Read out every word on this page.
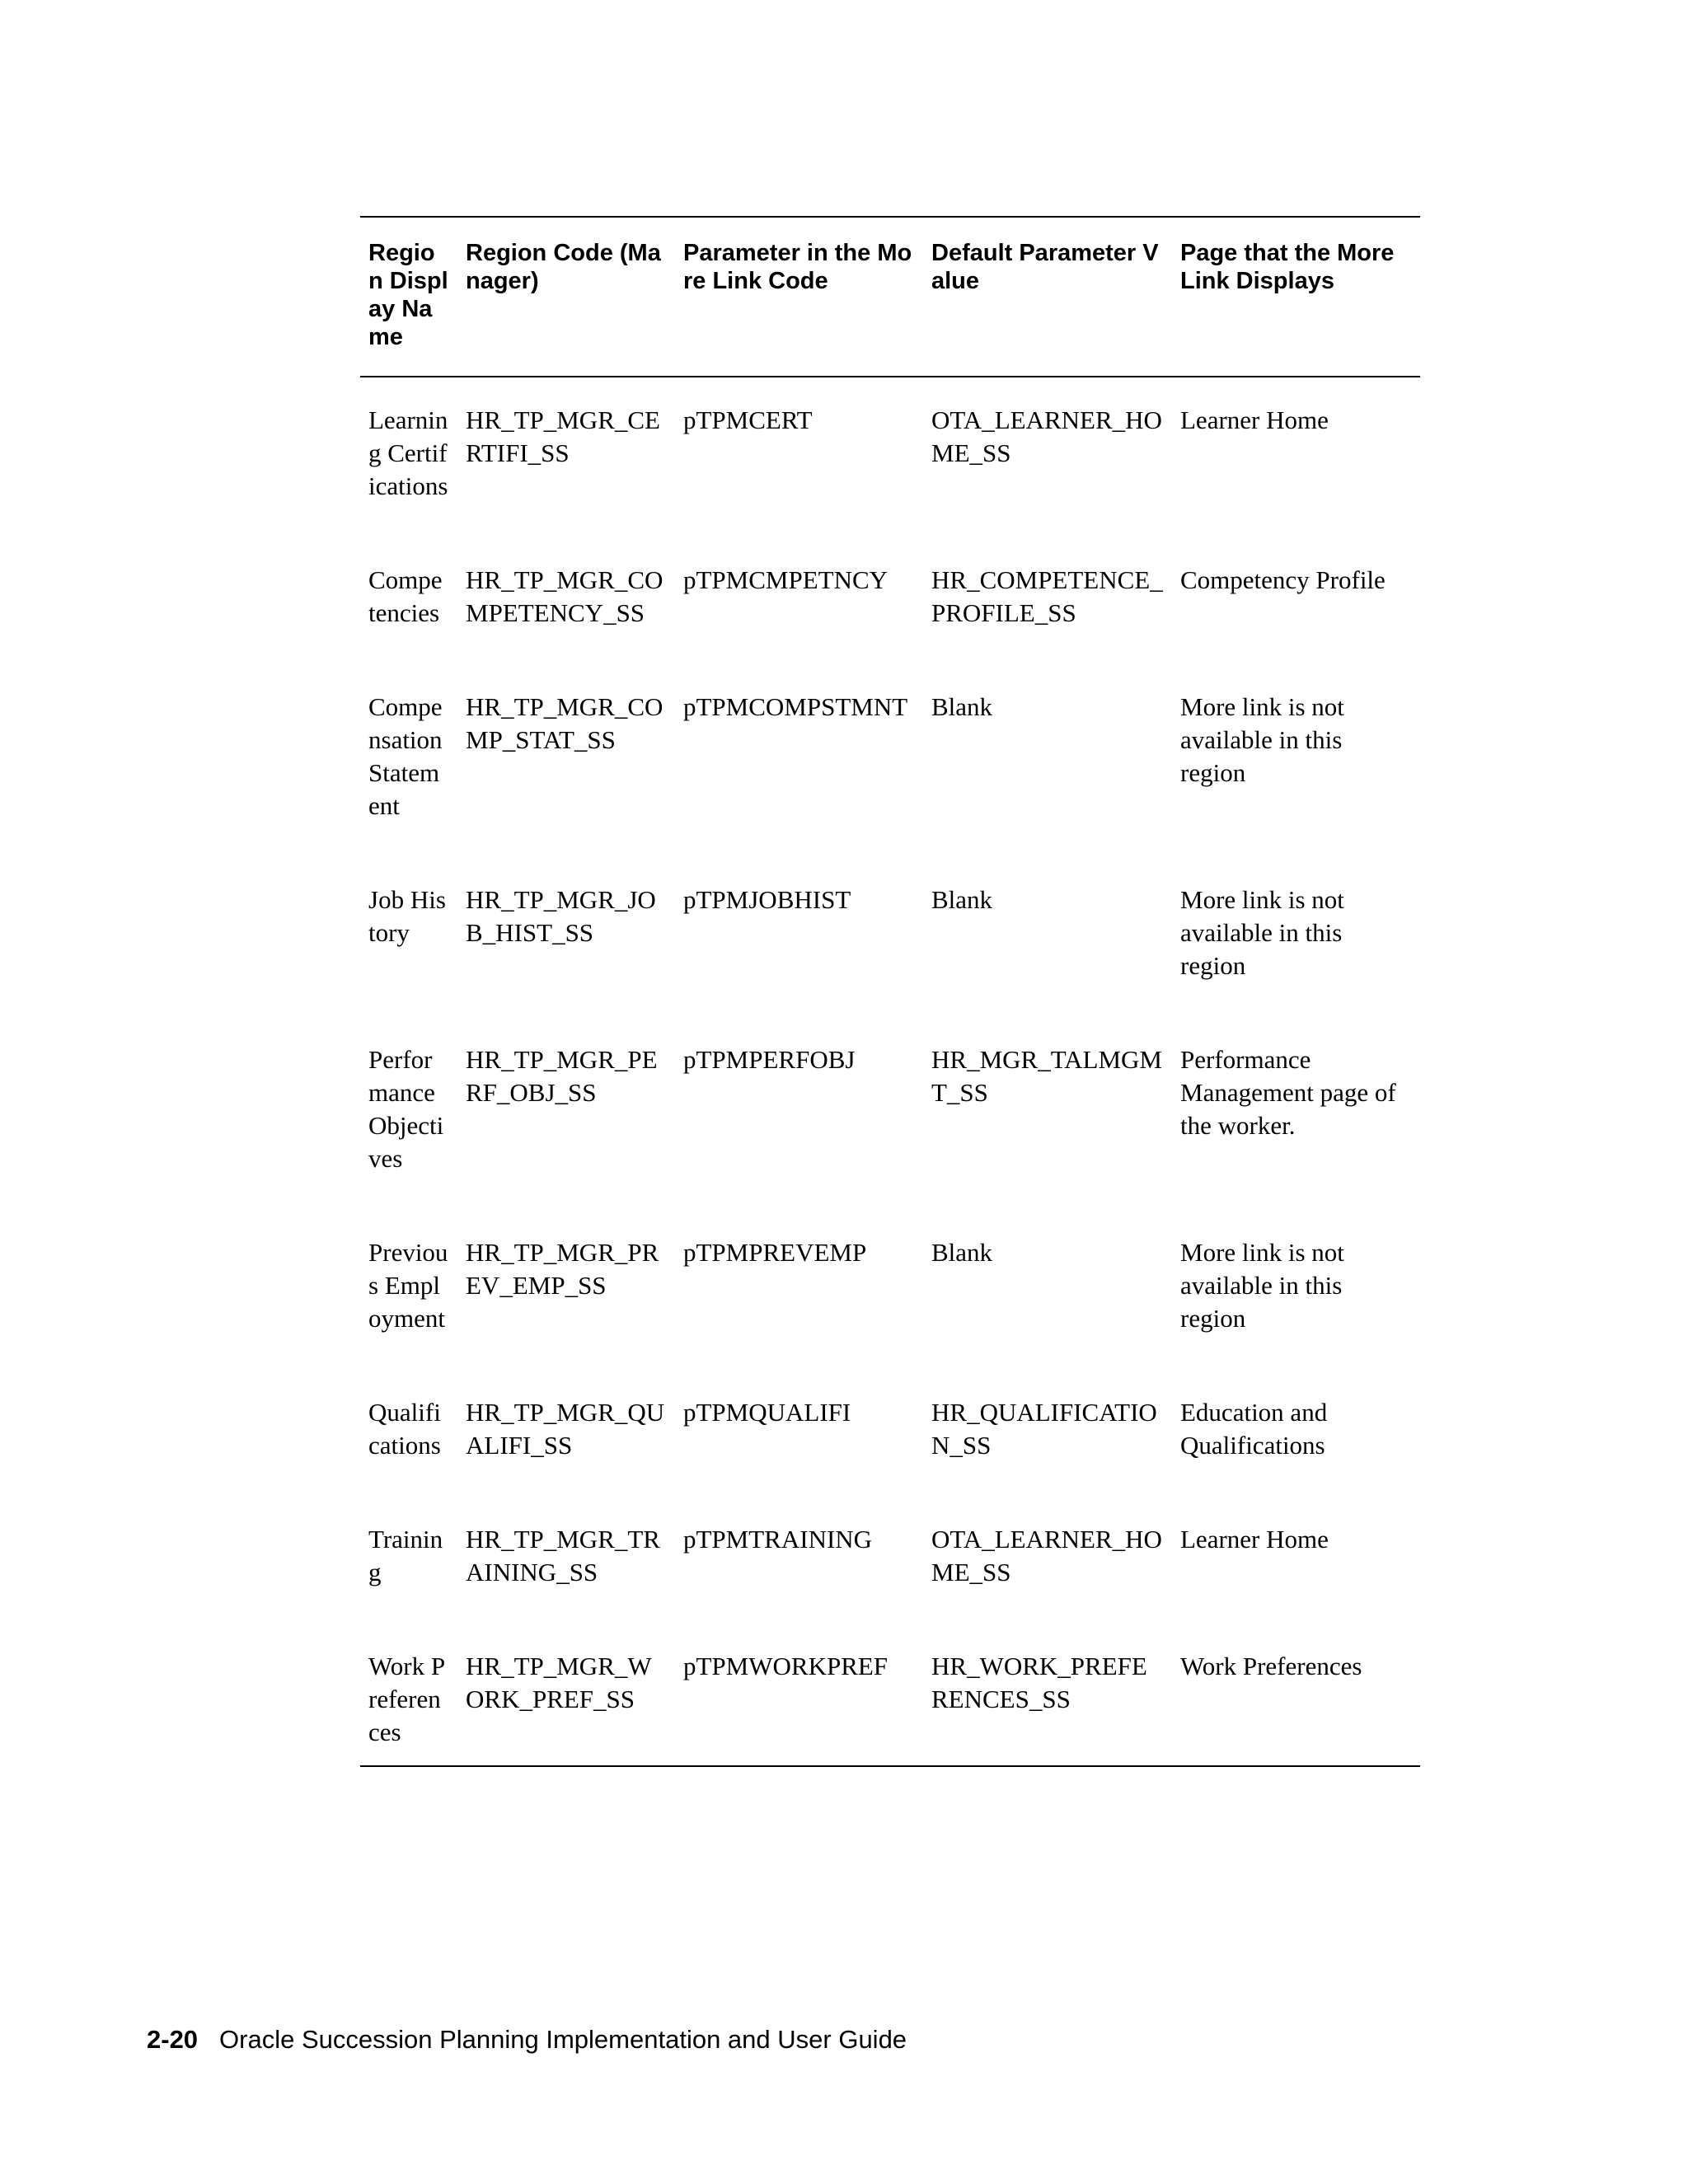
Region Display Name	Region Code (Manager)	Parameter in the More Link Code	Default Parameter Value	Page that the More Link Displays
Learning Certifications	HR_TP_MGR_CERTIFI_SS	pTPMCERT	OTA_LEARNER_HOME_SS	Learner Home
Competencies	HR_TP_MGR_COMPETENCY_SS	pTPMCMPETNCY	HR_COMPETENCE_PROFILE_SS	Competency Profile
Compensation Statement	HR_TP_MGR_COMP_STAT_SS	pTPMCOMPSTMNT	Blank	More link is not available in this region
Job History	HR_TP_MGR_JOB_HIST_SS	pTPMJOBHIST	Blank	More link is not available in this region
Performance Objectives	HR_TP_MGR_PERF_OBJ_SS	pTPMPERFOBJ	HR_MGR_TALMGMT_SS	Performance Management page of the worker.
Previous Employment	HR_TP_MGR_PREV_EMP_SS	pTPMPREVEMP	Blank	More link is not available in this region
Qualifications	HR_TP_MGR_QUALIFI_SS	pTPMQUALIFI	HR_QUALIFICATION_SS	Education and Qualifications
Training	HR_TP_MGR_TRAINING_SS	pTPMTRAINING	OTA_LEARNER_HOME_SS	Learner Home
Work Preferences	HR_TP_MGR_WORK_PREF_SS	pTPMWORKPREF	HR_WORK_PREFERENCES_SS	Work Preferences
2-20 Oracle Succession Planning Implementation and User Guide
